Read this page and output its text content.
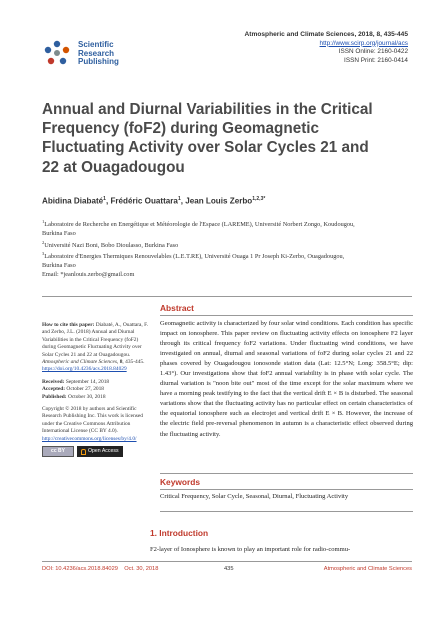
Scientific
Research
Publishing
Atmospheric and Climate Sciences, 2018, 8, 435-445
http://www.scirp.org/journal/acs
ISSN Online: 2160-0422
ISSN Print: 2160-0414
Annual and Diurnal Variabilities in the Critical
Frequency (foF2) during Geomagnetic
Fluctuating Activity over Solar Cycles 21 and
22 at Ouagadougou
Abidina Diabaté$^1$, Frédéric Ouattara$^1$, Jean Louis Zerbo$^{1,2,3*}$
$^1$Laboratoire de Recherche en Energétique et Météorologie de l'Espace (LAREME), Université Norbert Zongo, Koudougou,
Burkina Faso
$^2$Université Nazi Boni, Bobo Dioulasso, Burkina Faso
$^3$Laboratoire d'Energies Thermiques Renouvelables (L.E.T.RE), Université Ouaga 1 Pr Joseph Ki-Zerbo, Ouagadougou,
Burkina Faso
Email: *jeanlouis.zerbo@gmail.com
How to cite this paper: Diabaté, A., Ouattara, F. and Zerbo, J.L. (2018) Annual and Diurnal Variabilities in the Critical Frequency (foF2) during Geomagnetic Fluctuating Activity over Solar Cycles 21 and 22 at Ouagadougou. Atmospheric and Climate Sciences, 8, 435-445.
https://doi.org/10.4236/acs.2018.84029
Received: September 14, 2018
Accepted: October 27, 2018
Published: October 30, 2018
Copyright © 2018 by authors and Scientific Research Publishing Inc. This work is licensed under the Creative Commons Attribution International License (CC BY 4.0).
http://creativecommons.org/licenses/by/4.0/
cc BY	Open Access
Abstract
Geomagnetic activity is characterized by four solar wind conditions. Each condition has specific impact on ionosphere. This paper review on fluctuating activity effects on ionosphere F2 layer through its critical frequency foF2 variations. Under fluctuating wind conditions, we have investigated on annual, diurnal and seasonal variations of foF2 during solar cycles 21 and 22 phases covered by Ouagadougou ionosonde station data (Lat: 12.5°N; Long: 358.5°E; dip: 1.43°). Our investigations show that foF2 annual variability is in phase with solar cycle. The diurnal variation is "noon bite out" most of the time except for the solar maximum where we have a morning peak testifying to the fact that the vertical drift E × B is disturbed. The seasonal variations show that the fluctuating activity has no particular effect on certain characteristics of the equatorial ionosphere such as electrojet and vertical drift E × B. However, the increase of the electric field pre-reversal phenomenon in autumn is a characteristic effect observed during the fluctuating activity.
Keywords
Critical Frequency, Solar Cycle, Seasonal, Diurnal, Fluctuating Activity
1. Introduction
F2-layer of Ionosphere is known to play an important role for radio-commu-
DOI: 10.4236/acs.2018.84029 Oct. 30, 2018	435	Atmospheric and Climate Sciences
